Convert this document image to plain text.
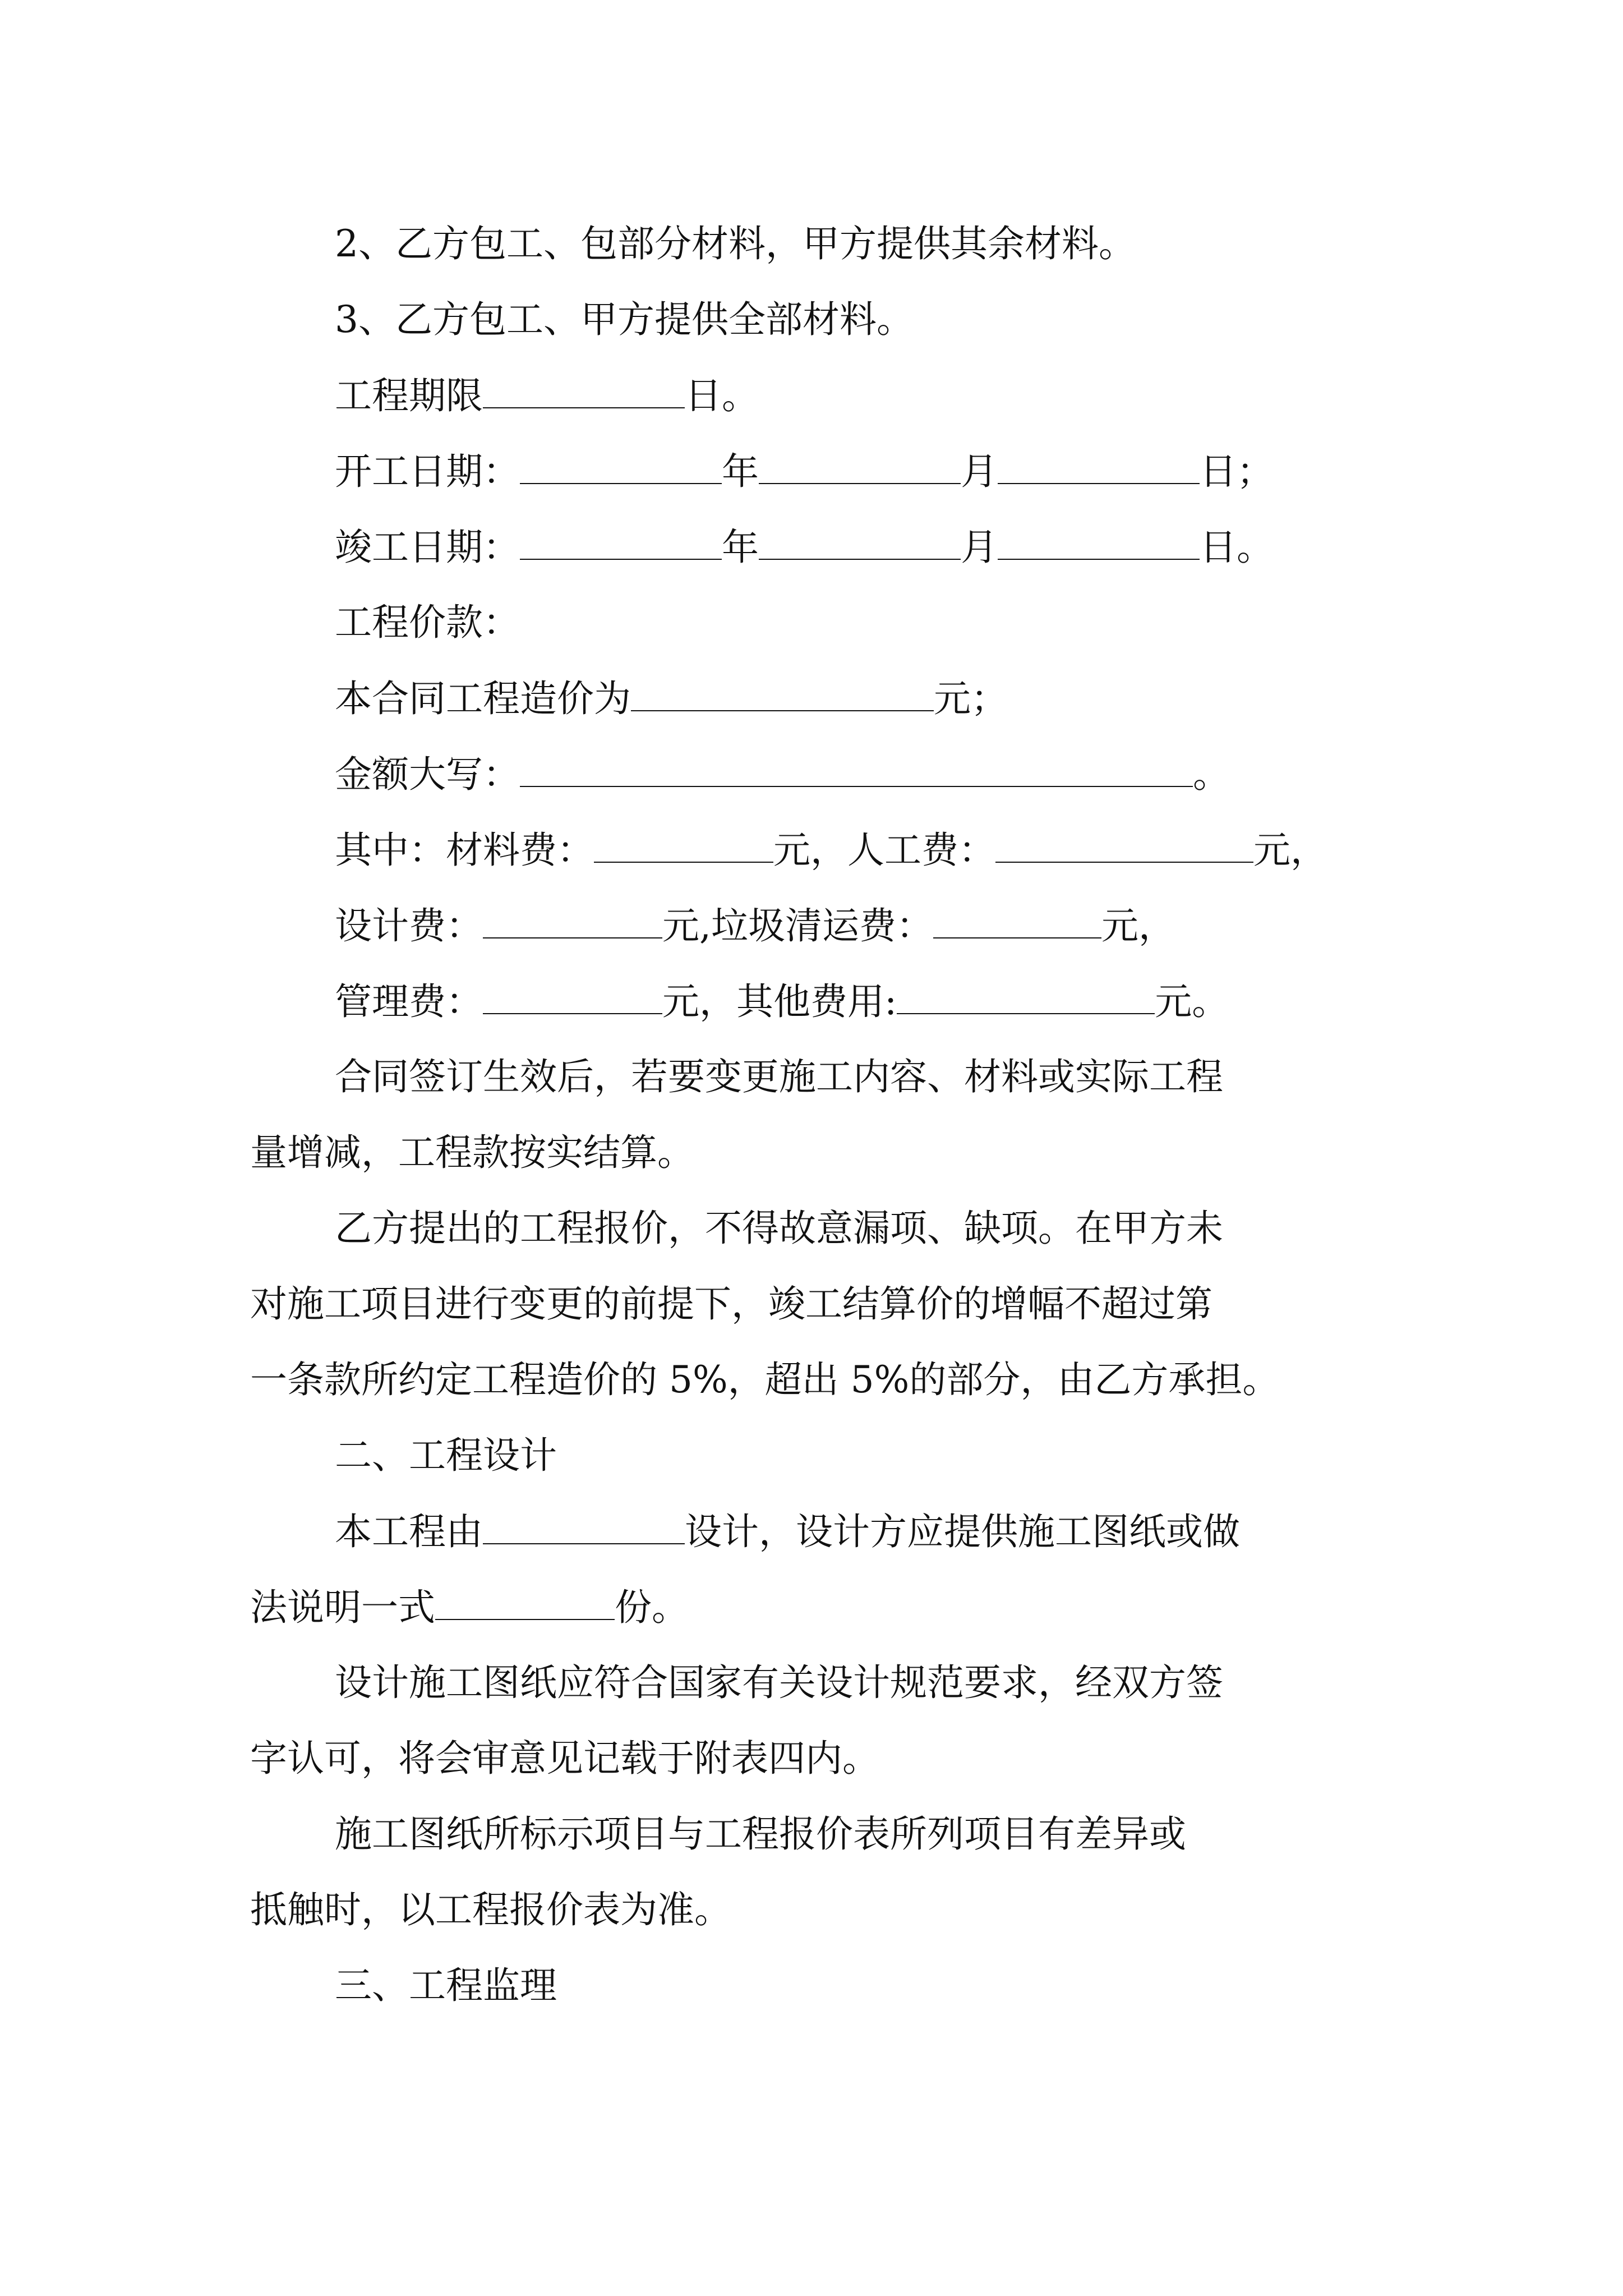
2、乙方包工、包部分材料，甲方提供其余材料。

3、乙方包工、甲方提供全部材料。

工程期限	日。

开工日期：	年	月	日；

竣工日期：	年	月	日。

工程价款：

本合同工程造价为	元；

金额大写：	。

其中：材料费：	元，人工费：	元，

设计费：	元,垃圾清运费：	元，

管理费：	元，其他费用:	元。

合同签订生效后，若要变更施工内容、材料或实际工程

量增减，工程款按实结算。

乙方提出的工程报价，不得故意漏项、缺项。在甲方未

对施工项目进行变更的前提下，竣工结算价的增幅不超过第

一条款所约定工程造价的 5%，超出 5%的部分，由乙方承担。

二、工程设计

本工程由	设计，设计方应提供施工图纸或做

法说明一式	份。

设计施工图纸应符合国家有关设计规范要求，经双方签

字认可，将会审意见记载于附表四内。

施工图纸所标示项目与工程报价表所列项目有差异或

抵触时，以工程报价表为准。

三、工程监理
